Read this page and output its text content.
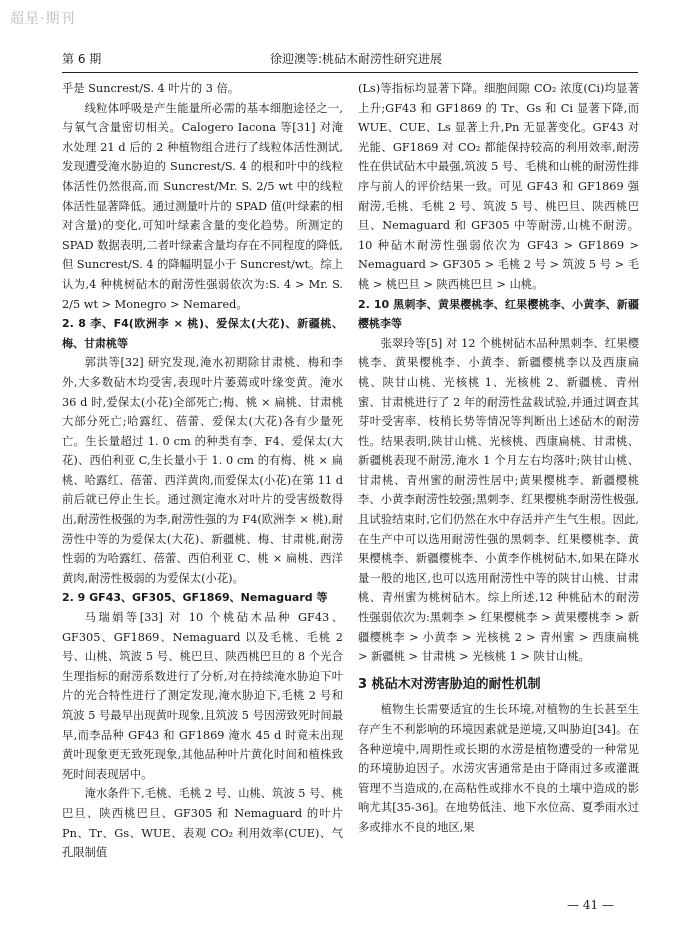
超星·期刊
第 6 期	徐迎澳等:桃砧木耐涝性研究进展

乎是 Suncrest/S. 4 叶片的 3 倍。

线粒体呼吸是产生能量所必需的基本细胞途径之一,与氧气含量密切相关。Calogero Iacona 等[31] 对淹水处理 21 d 后的 2 种植物组合进行了线粒体活性测试,发现遭受淹水胁迫的 Suncrest/S. 4 的根和叶中的线粒体活性仍然很高,而 Suncrest/Mr. S. 2/5 wt 中的线粒体活性显著降低。通过测量叶片的 SPAD 值(叶绿素的相对含量)的变化,可知叶绿素含量的变化趋势。所测定的 SPAD 数据表明,二者叶绿素含量均存在不同程度的降低,但 Suncrest/S. 4 的降幅明显小于 Suncrest/wt。综上认为,4 种桃树砧木的耐涝性强弱依次为:S. 4 > Mr. S. 2/5 wt > Monegro > Nemared。

2. 8 李、F4(欧洲李 × 桃)、爱保太(大花)、新疆桃、梅、甘肃桃等

郭洪等[32] 研究发现,淹水初期除甘肃桃、梅和李外,大多数砧木均受害,表现叶片萎蔫或叶缘变黄。淹水 36 d 时,爱保太(小花)全部死亡;梅、桃 × 扁桃、甘肃桃大部分死亡;哈露红、蓓蕾、爱保太(大花)各有少量死亡。生长量超过 1. 0 cm 的种类有李、F4、爱保太(大花)、西伯利亚 C,生长量小于 1. 0 cm 的有梅、桃 × 扁桃、哈露红、蓓蕾、西洋黄肉,而爱保太(小花)在第 11 d 前后就已停止生长。通过测定淹水对叶片的受害级数得出,耐涝性极强的为李,耐涝性强的为 F4(欧洲李 × 桃),耐涝性中等的为爱保太(大花)、新疆桃、梅、甘肃桃,耐涝性弱的为哈露红、蓓蕾、西伯利亚 C、桃 × 扁桃、西洋黄肉,耐涝性极弱的为爱保太(小花)。

2. 9 GF43、GF305、GF1869、Nemaguard 等

马瑞娟等[33] 对 10 个桃砧木品种 GF43、GF305、GF1869、Nemaguard 以及毛桃、毛桃 2 号、山桃、筑波 5 号、桃巴旦、陕西桃巴旦的 8 个光合生理指标的耐涝系数进行了分析,对在持续淹水胁迫下叶片的光合特性进行了测定发现,淹水胁迫下,毛桃 2 号和筑波 5 号最早出现黄叶现象,且筑波 5 号因涝致死时间最早,而李品种 GF43 和 GF1869 淹水 45 d 时竟未出现黄叶现象更无致死现象,其他品种叶片黄化时间和植株致死时间表现居中。

淹水条件下,毛桃、毛桃 2 号、山桃、筑波 5 号、桃巴旦、陕西桃巴旦、GF305 和 Nemaguard 的叶片 Pn、Tr、Gs、WUE、表观 CO₂ 利用效率(CUE)、气孔限制值

(Ls)等指标均显著下降。细胞间隙 CO₂ 浓度(Ci)均显著上升;GF43 和 GF1869 的 Tr、Gs 和 Ci 显著下降,而 WUE、CUE、Ls 显著上升,Pn 无显著变化。GF43 对光能、GF1869 对 CO₂ 都能保持较高的利用效率,耐涝性在供试砧木中最强,筑波 5 号、毛桃和山桃的耐涝性排序与前人的评价结果一致。可见 GF43 和 GF1869 强耐涝,毛桃、毛桃 2 号、筑波 5 号、桃巴旦、陕西桃巴旦、Nemaguard 和 GF305 中等耐涝,山桃不耐涝。10 种砧木耐涝性强弱依次为 GF43 > GF1869 > Nemaguard > GF305 > 毛桃 2 号 > 筑波 5 号 > 毛桃 > 桃巴旦 > 陕西桃巴旦 > 山桃。

2. 10 黑刺李、黄果樱桃李、红果樱桃李、小黄李、新疆樱桃李等

张翠玲等[5] 对 12 个桃树砧木品种黑刺李、红果樱桃李、黄果樱桃李、小黄李、新疆樱桃李以及西康扁桃、陕甘山桃、光核桃 1、光核桃 2、新疆桃、青州蜜、甘肃桃进行了 2 年的耐涝性盆栽试验,并通过调查其芽叶受害率、枝梢长势等情况等判断出上述砧木的耐涝性。结果表明,陕甘山桃、光核桃、西康扁桃、甘肃桃、新疆桃表现不耐涝,淹水 1 个月左右均落叶;陕甘山桃、甘肃桃、青州蜜的耐涝性居中;黄果樱桃李、新疆樱桃李、小黄李耐涝性较强;黑刺李、红果樱桃李耐涝性极强,且试验结束时,它们仍然在水中存活并产生气生根。因此,在生产中可以选用耐涝性强的黑刺李、红果樱桃李、黄果樱桃李、新疆樱桃李、小黄李作桃树砧木,如果在降水量一般的地区,也可以选用耐涝性中等的陕甘山桃、甘肃桃、青州蜜为桃树砧木。综上所述,12 种桃砧木的耐涝性强弱依次为:黑刺李 > 红果樱桃李 > 黄果樱桃李 > 新疆樱桃李 > 小黄李 > 光核桃 2 > 青州蜜 > 西康扁桃 > 新疆桃 > 甘肃桃 > 光核桃 1 > 陕甘山桃。

3 桃砧木对涝害胁迫的耐性机制

植物生长需要适宜的生长环境,对植物的生长甚至生存产生不利影响的环境因素就是逆境,又叫胁迫[34]。在各种逆境中,周期性或长期的水涝是植物遭受的一种常见的环境胁迫因子。水涝灾害通常是由于降雨过多或灌溉管理不当造成的,在高粘性或排水不良的土壤中造成的影响尤其[35-36]。在地势低洼、地下水位高、夏季雨水过多或排水不良的地区,果

— 41 —
